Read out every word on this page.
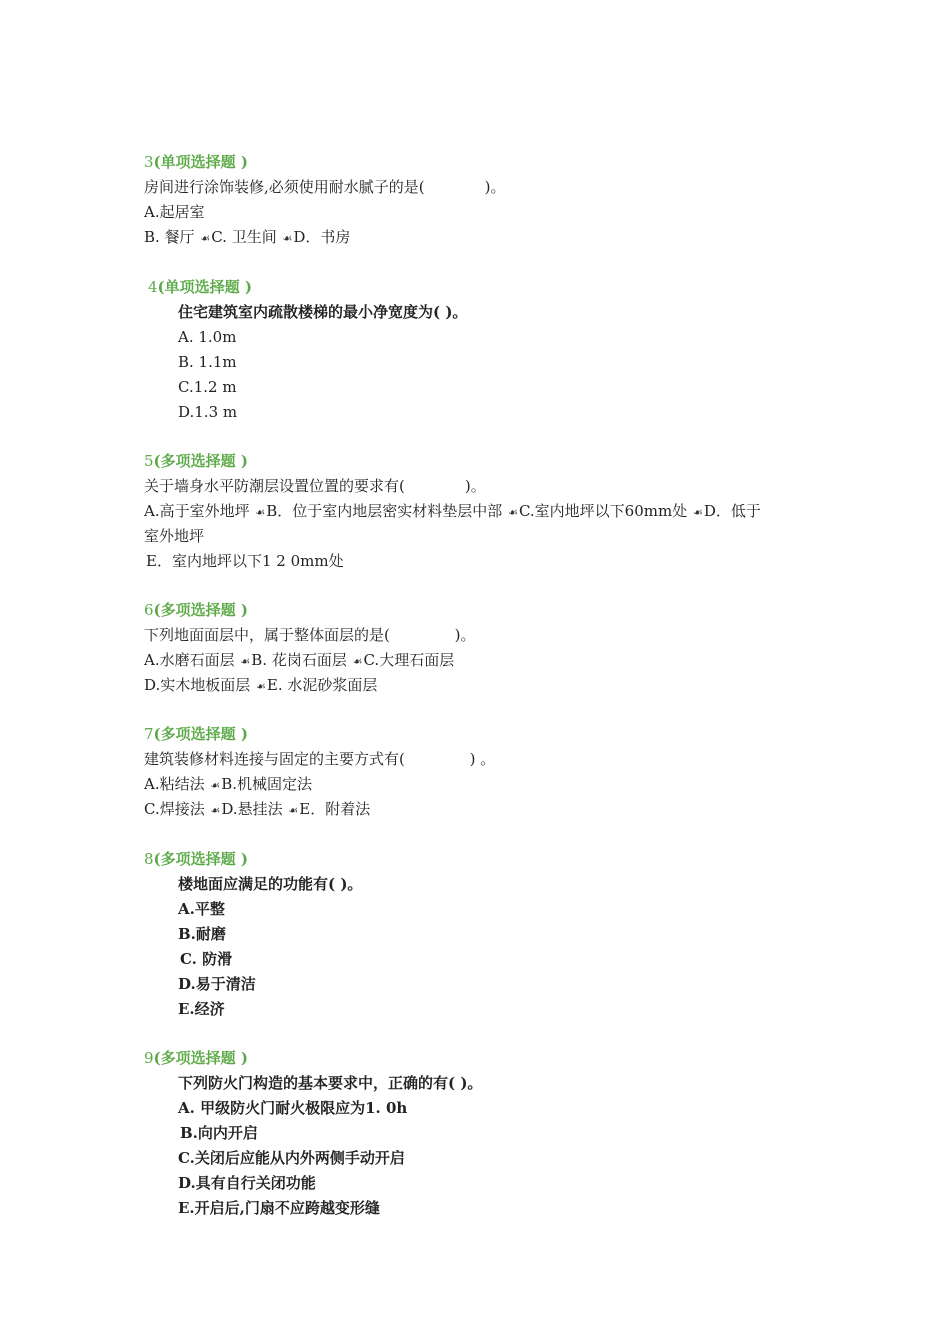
3(单项选择题 )
房间进行涂饰装修,必须使用耐水腻子的是(　　　　)。
A.起居室
B. 餐厅 ☙C. 卫生间 ☙D．书房
4(单项选择题 )
住宅建筑室内疏散楼梯的最小净宽度为( )。
A. 1.0m
B. 1.1m
C.1.2 m
D.1.3 m
5(多项选择题 )
关于墙身水平防潮层设置位置的要求有(　　　　)。
A.高于室外地坪 ☙B．位于室内地层密实材料垫层中部 ☙C.室内地坪以下60mm处 ☙D．低于
室外地坪
E．室内地坪以下1 2 0mm处
6(多项选择题 )
下列地面面层中，属于整体面层的是(　　　　 )。
A.水磨石面层 ☙B. 花岗石面层 ☙C.大理石面层
D.实木地板面层 ☙E. 水泥砂浆面层
7(多项选择题 )
建筑装修材料连接与固定的主要方式有(　　　　 ) 。
A.粘结法 ☙B.机械固定法
C.焊接法 ☙D.悬挂法 ☙E．附着法
8(多项选择题 )
楼地面应满足的功能有( )。
A.平整
B.耐磨
C. 防滑
D.易于清洁
E.经济
9(多项选择题 )
下列防火门构造的基本要求中，正确的有( )。
A. 甲级防火门耐火极限应为1. 0h
B.向内开启
C.关闭后应能从内外两侧手动开启
D.具有自行关闭功能
E.开启后,门扇不应跨越变形缝
